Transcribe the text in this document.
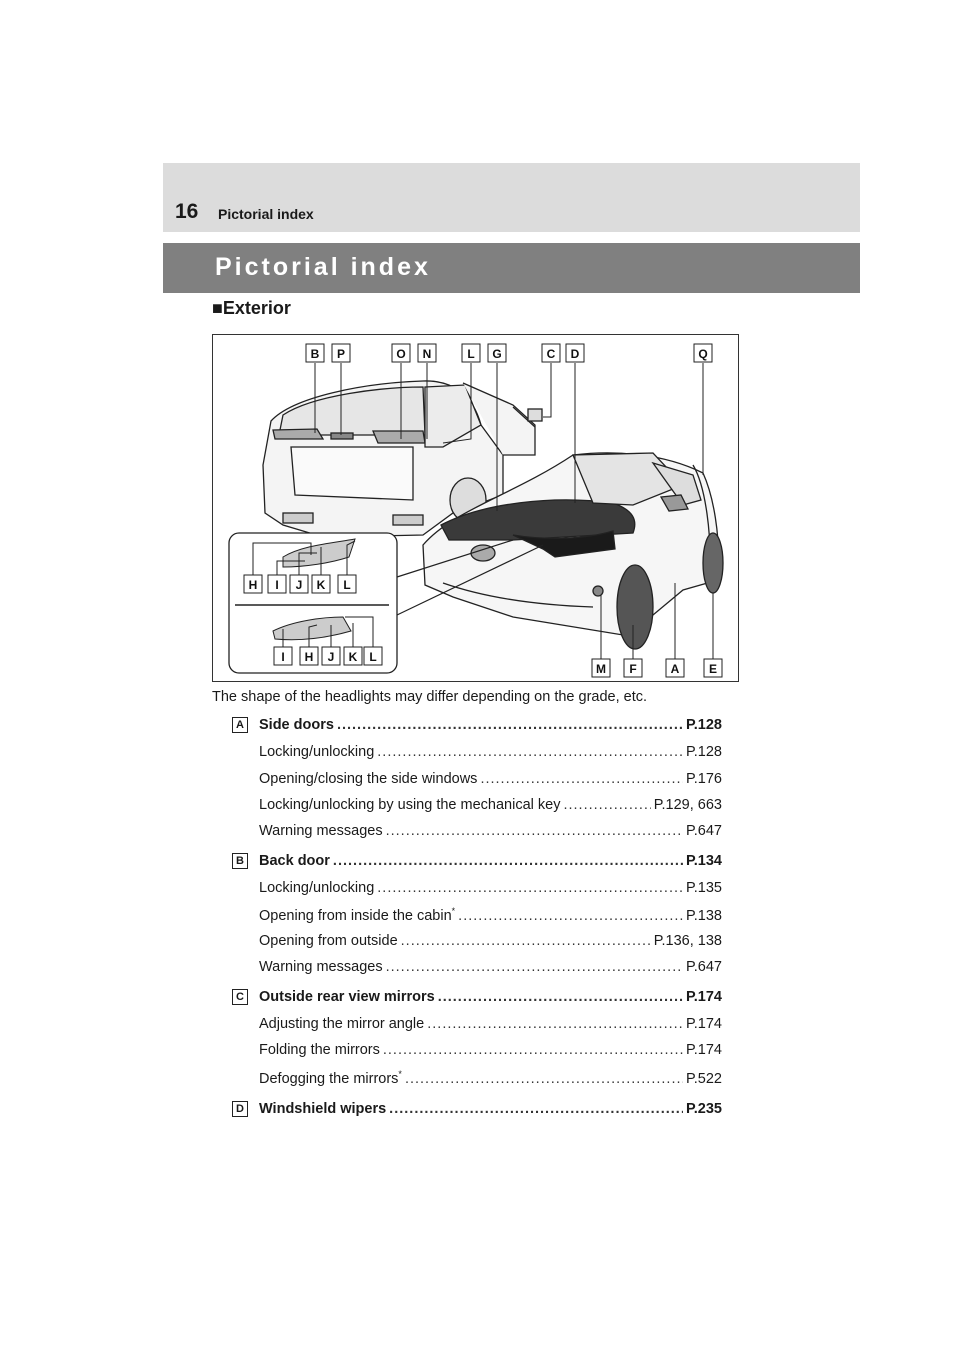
16 Pictorial index
Pictorial index
■Exterior
B P	O N	L G	C D	Q
H I J K L
I H J K L
M F	A E
The shape of the headlights may differ depending on the grade, etc.
A Side doors .....	P.128
Locking/unlocking .....	P.128
Opening/closing the side windows .....	P.176
Locking/unlocking by using the mechanical key .....	P.129, 663
Warning messages .....	P.647
B Back door .....	P.134
Locking/unlocking .....	P.135
Opening from inside the cabin* .....	P.138
Opening from outside .....	P.136, 138
Warning messages .....	P.647
C Outside rear view mirrors .....	P.174
Adjusting the mirror angle .....	P.174
Folding the mirrors .....	P.174
Defogging the mirrors* .....	P.522
D Windshield wipers .....	P.235
